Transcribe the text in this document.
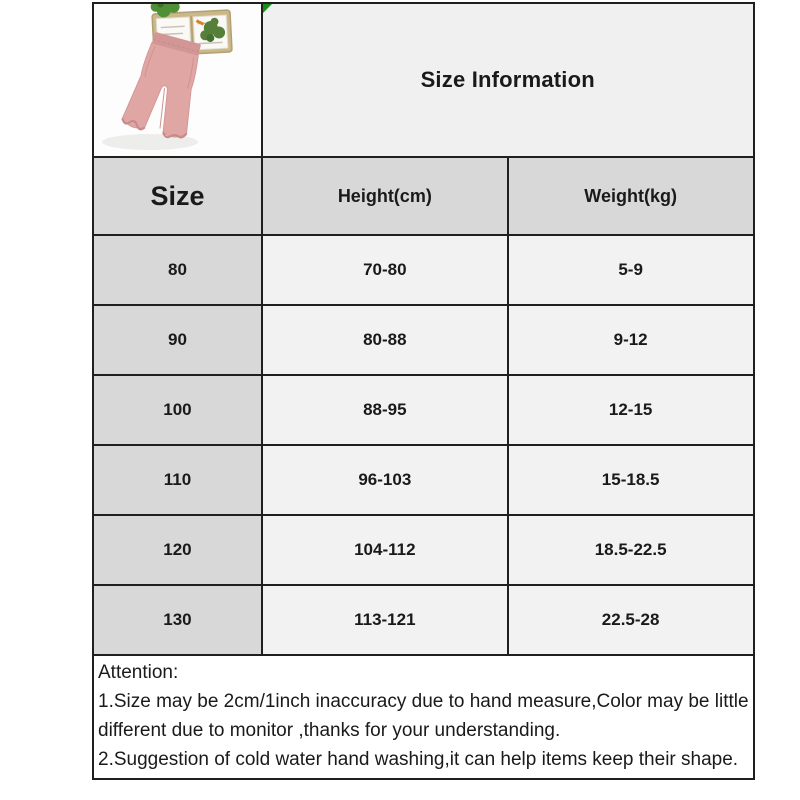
Size Information	
Size	Height(cm)	Weight(kg)
80	70-80	5-9
90	80-88	9-12
100	88-95	12-15
110	96-103	15-18.5
120	104-112	18.5-22.5
130	113-121	22.5-28

Attention:
1.Size may be 2cm/1inch inaccuracy due to hand measure,Color may be little
different due to monitor ,thanks for your understanding.
2.Suggestion of cold water hand washing,it can help items keep their shape.		
